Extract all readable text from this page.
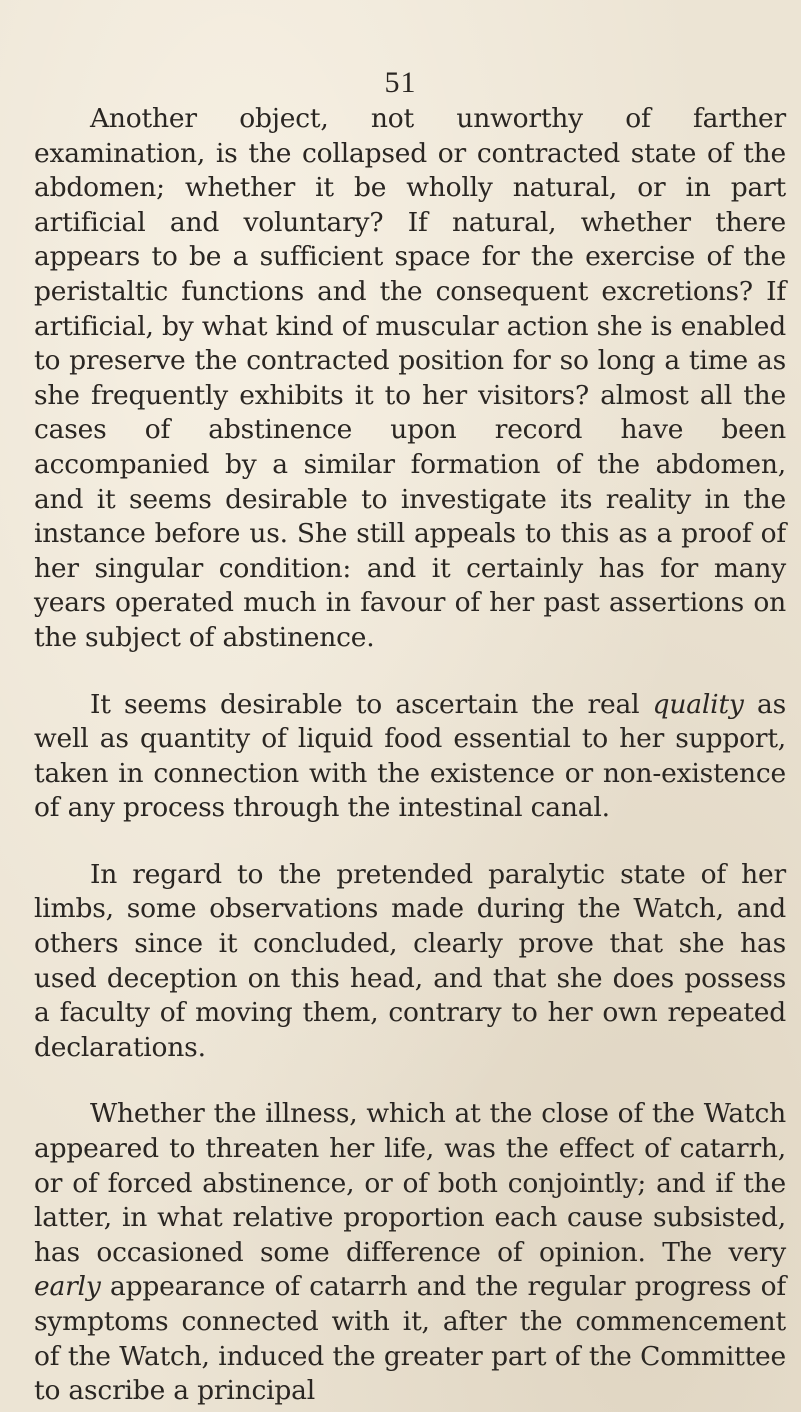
51

Another object, not unworthy of farther examination, is the collapsed or contracted state of the abdomen; whether it be wholly natural, or in part artificial and voluntary? If natural, whether there appears to be a sufficient space for the exercise of the peristaltic functions and the consequent excretions? If artificial, by what kind of muscular action she is enabled to preserve the contracted position for so long a time as she frequently exhibits it to her visitors? almost all the cases of abstinence upon record have been accompanied by a similar formation of the abdomen, and it seems desirable to investigate its reality in the instance before us. She still appeals to this as a proof of her singular condition: and it certainly has for many years operated much in favour of her past assertions on the subject of abstinence.

It seems desirable to ascertain the real quality as well as quantity of liquid food essential to her support, taken in connection with the existence or non-existence of any process through the intestinal canal.

In regard to the pretended paralytic state of her limbs, some observations made during the Watch, and others since it concluded, clearly prove that she has used deception on this head, and that she does possess a faculty of moving them, contrary to her own repeated declarations.

Whether the illness, which at the close of the Watch appeared to threaten her life, was the effect of catarrh, or of forced abstinence, or of both conjointly; and if the latter, in what relative proportion each cause subsisted, has occasioned some difference of opinion. The very early appearance of catarrh and the regular progress of symptoms connected with it, after the commencement of the Watch, induced the greater part of the Committee to ascribe a principal
